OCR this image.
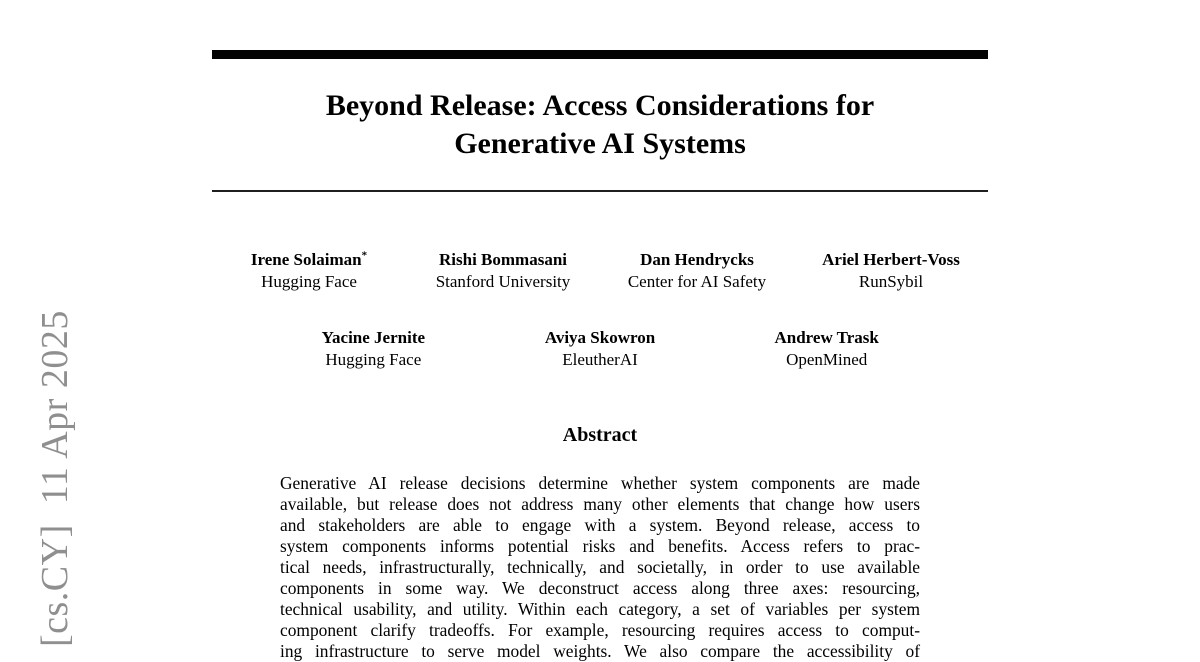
[cs.CY]  11 Apr 2025
Beyond Release: Access Considerations for
Generative AI Systems
Irene Solaiman*
Hugging Face
Rishi Bommasani
Stanford University
Dan Hendrycks
Center for AI Safety
Ariel Herbert-Voss
RunSybil
Yacine Jernite
Hugging Face
Aviya Skowron
EleutherAI
Andrew Trask
OpenMined
Abstract
Generative AI release decisions determine whether system components are made
available, but release does not address many other elements that change how users
and stakeholders are able to engage with a system. Beyond release, access to
system components informs potential risks and benefits. Access refers to prac-
tical needs, infrastructurally, technically, and societally, in order to use available
components in some way. We deconstruct access along three axes: resourcing,
technical usability, and utility. Within each category, a set of variables per system
component clarify tradeoffs. For example, resourcing requires access to comput-
ing infrastructure to serve model weights. We also compare the accessibility of
